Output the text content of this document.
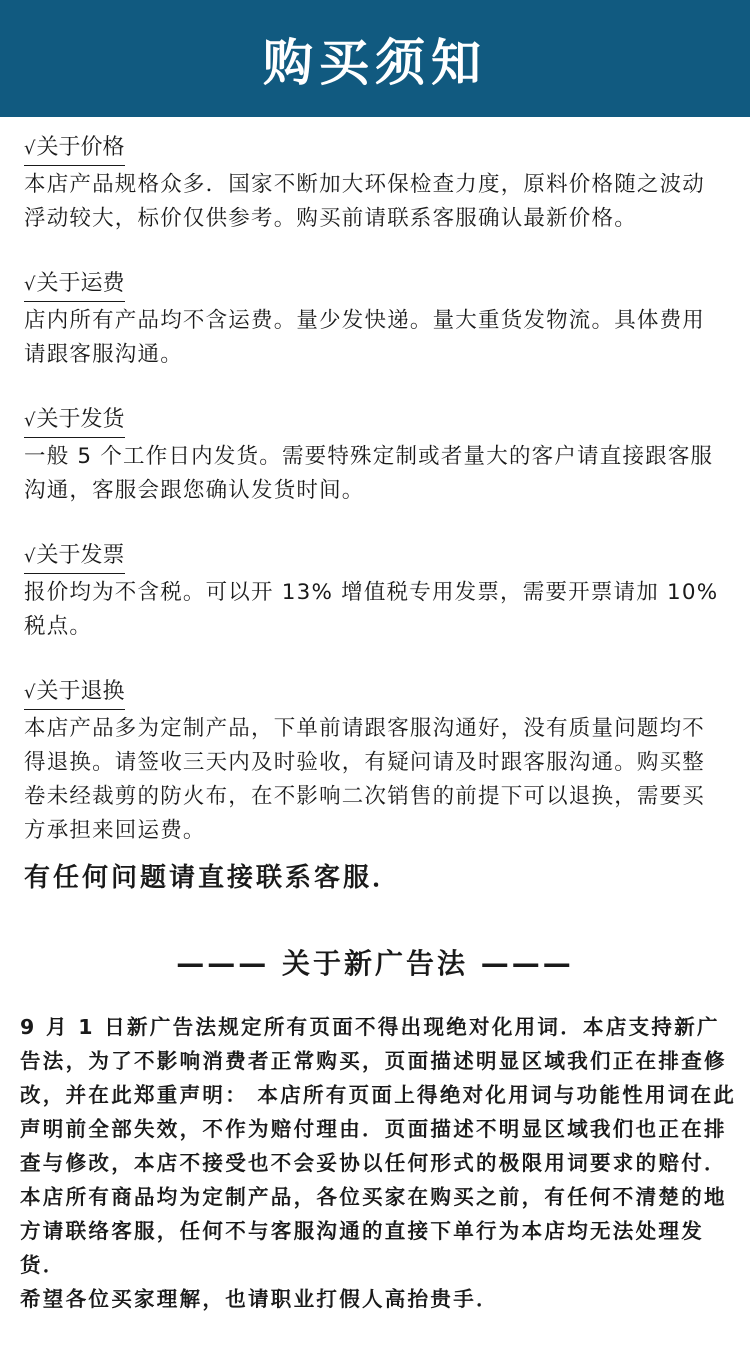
购买须知
√关于价格

本店产品规格众多．国家不断加大环保检查力度，原料价格随之波动浮动较大，标价仅供参考。购买前请联系客服确认最新价格。

√关于运费

店内所有产品均不含运费。量少发快递。量大重货发物流。具体费用请跟客服沟通。

√关于发货

一般 5 个工作日内发货。需要特殊定制或者量大的客户请直接跟客服沟通，客服会跟您确认发货时间。

√关于发票

报价均为不含税。可以开 13% 增值税专用发票，需要开票请加 10% 税点。

√关于退换

本店产品多为定制产品，下单前请跟客服沟通好，没有质量问题均不得退换。请签收三天内及时验收，有疑问请及时跟客服沟通。购买整卷未经裁剪的防火布，在不影响二次销售的前提下可以退换，需要买方承担来回运费。

有任何问题请直接联系客服．
——— 关于新广告法 ———
9 月 1 日新广告法规定所有页面不得出现绝对化用词．本店支持新广告法，为了不影响消费者正常购买，页面描述明显区域我们正在排查修改，并在此郑重声明： 本店所有页面上得绝对化用词与功能性用词在此声明前全部失效，不作为赔付理由．页面描述不明显区域我们也正在排查与修改，本店不接受也不会妥协以任何形式的极限用词要求的赔付．本店所有商品均为定制产品，各位买家在购买之前，有任何不清楚的地方请联络客服，任何不与客服沟通的直接下单行为本店均无法处理发货．
希望各位买家理解，也请职业打假人高抬贵手．
